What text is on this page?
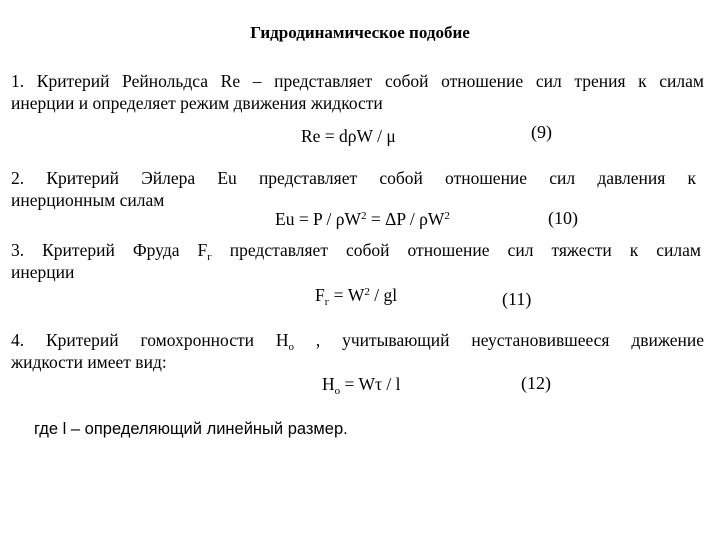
Гидродинамическое подобие
1. Критерий Рейнольдса Re – представляет собой отношение сил трения к силам
инерции и определяет режим движения жидкости
Re = dρW / μ	(9)
2. Критерий Эйлера Eu представляет собой отношение сил давления к
инерционным силам
$Eu = P / \rho W^2 = \Delta P / \rho W^2$	(10)
3. Критерий Фруда $F_г$ представляет собой отношение сил тяжести к силам
инерции
$F_г = W^2$ / gl	(11)
4. Критерий гомохронности $H_o$ , учитывающий неустановившееся движение
жидкости имеет вид:
$H_o = W\tau / l$	(12)
где l – определяющий линейный размер.
